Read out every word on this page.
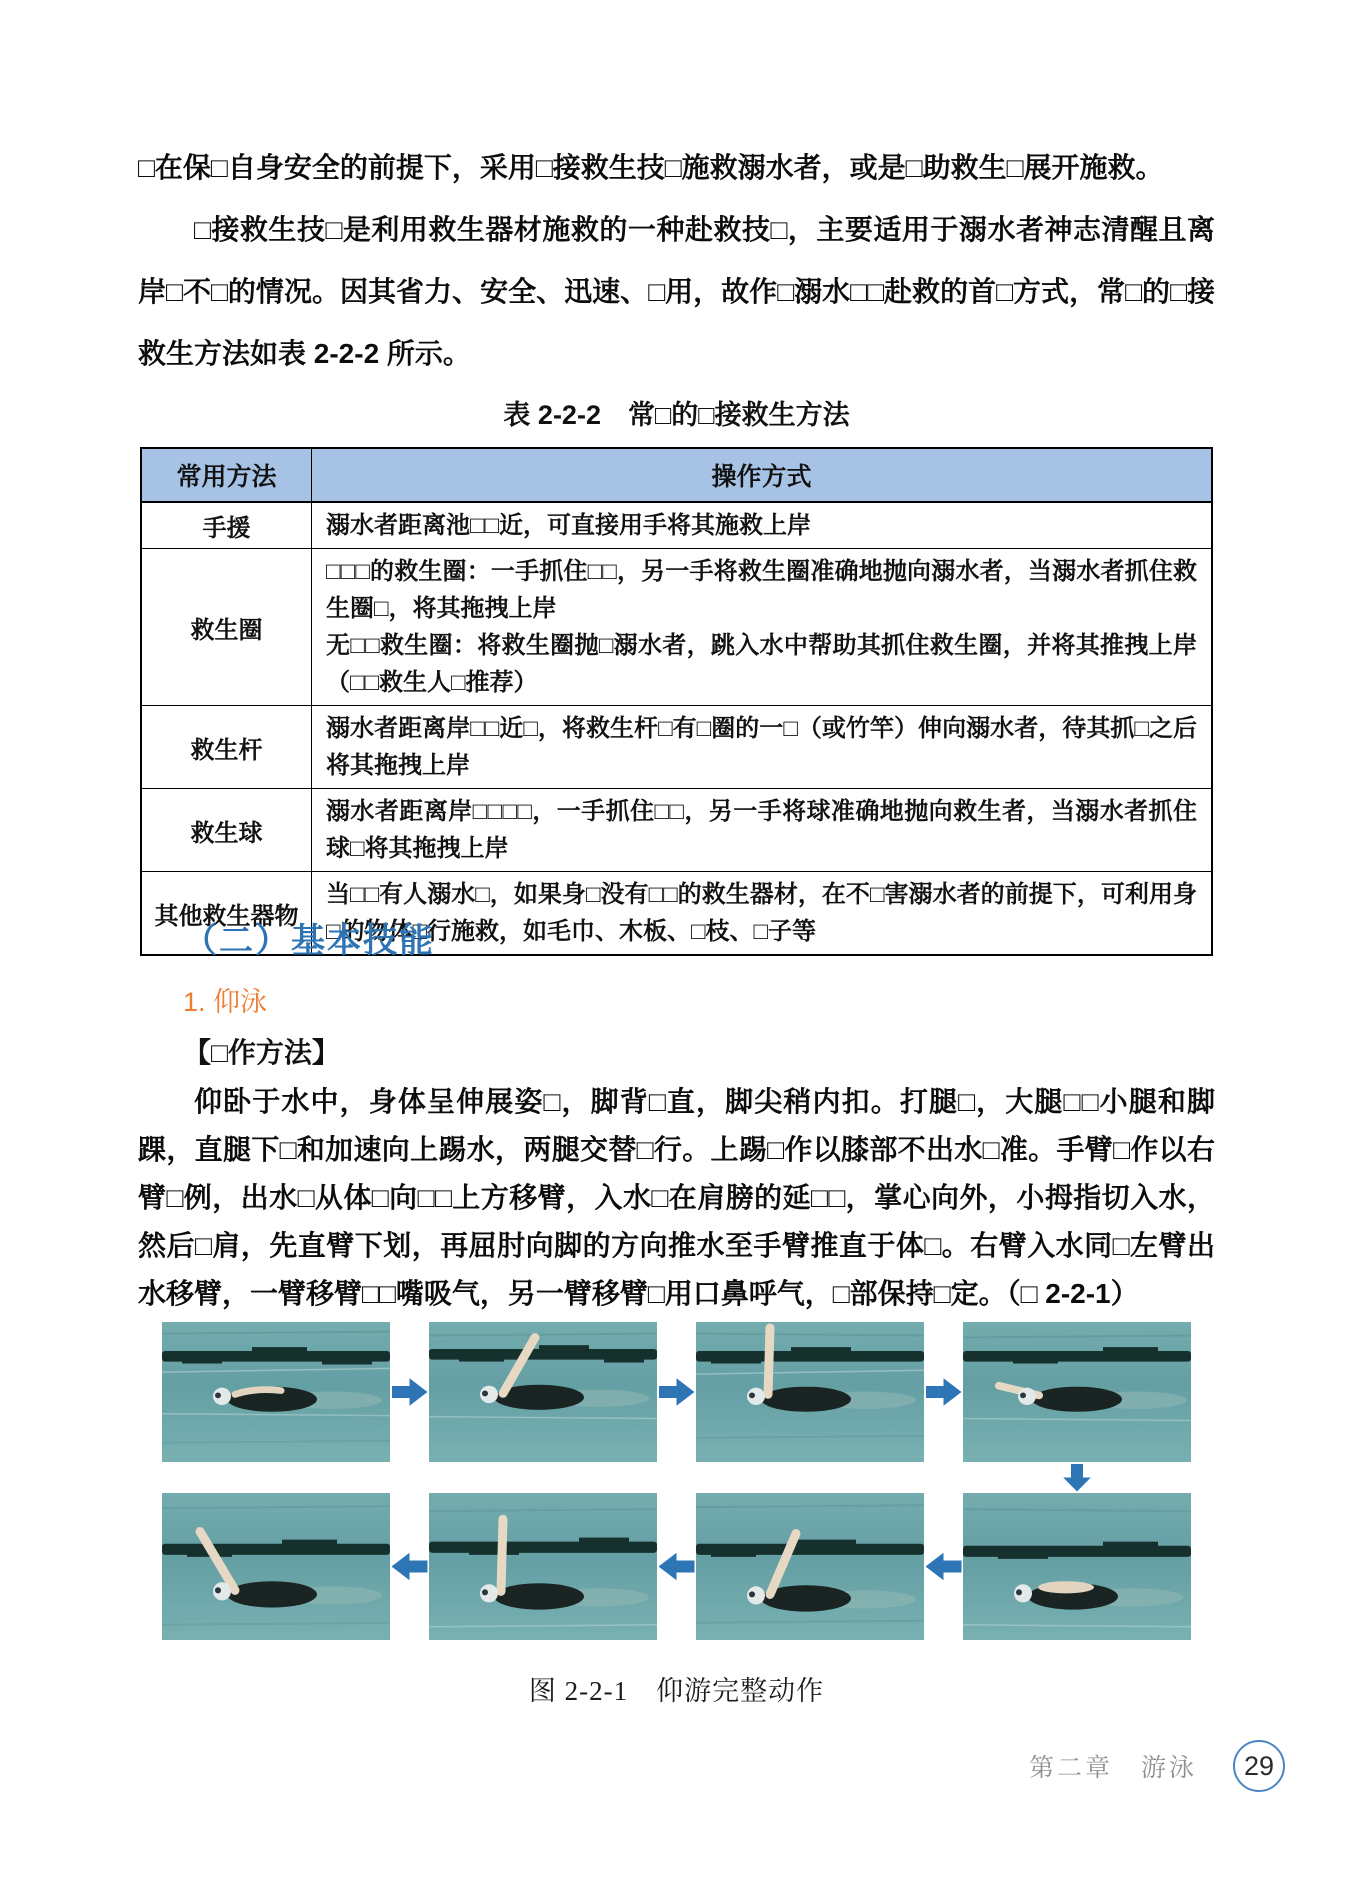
□在保□自身安全的前提下，采用□接救生技□施救溺水者，或是□助救生□展开施救。

□接救生技□是利用救生器材施救的一种赴救技□，主要适用于溺水者神志清醒且离岸□不□的情况。因其省力、安全、迅速、□用，故作□溺水□□赴救的首□方式，常□的□接救生方法如表 2-2-2 所示。

表 2-2-2　常□的□接救生方法
常用方法	操作方式
手援	溺水者距离池□□近，可直接用手将其施救上岸

救生圈	□□□的救生圈：一手抓住□□，另一手将救生圈准确地抛向溺水者，当溺水者抓住救生圈□，将其拖拽上岸

无□□救生圈：将救生圈抛□溺水者，跳入水中帮助其抓住救生圈，并将其推拽上岸（□□救生人□推荐）

救生杆	溺水者距离岸□□近□，将救生杆□有□圈的一□（或竹竿）伸向溺水者，待其抓□之后将其拖拽上岸

救生球	溺水者距离岸□□□□，一手抓住□□，另一手将球准确地抛向救生者，当溺水者抓住球□将其拖拽上岸

其他救生器物	当□□有人溺水□，如果身□没有□□的救生器材，在不□害溺水者的前提下，可利用身□的物体□行施救，如毛巾、木板、□枝、□子等

（二）基本技能
1. 仰泳
【□作方法】

仰卧于水中，身体呈伸展姿□，脚背□直，脚尖稍内扣。打腿□，大腿□□小腿和脚踝，直腿下□和加速向上踢水，两腿交替□行。上踢□作以膝部不出水□准。手臂□作以右臂□例，出水□从体□向□□上方移臂，入水□在肩膀的延□□，掌心向外，小拇指切入水，然后□肩，先直臂下划，再屈肘向脚的方向推水至手臂推直于体□。右臂入水同□左臂出水移臂，一臂移臂□□嘴吸气，另一臂移臂□用口鼻呼气，□部保持□定。（□ 2-2-1）

图 2-2-1　仰游完整动作
第二章　游泳	29
